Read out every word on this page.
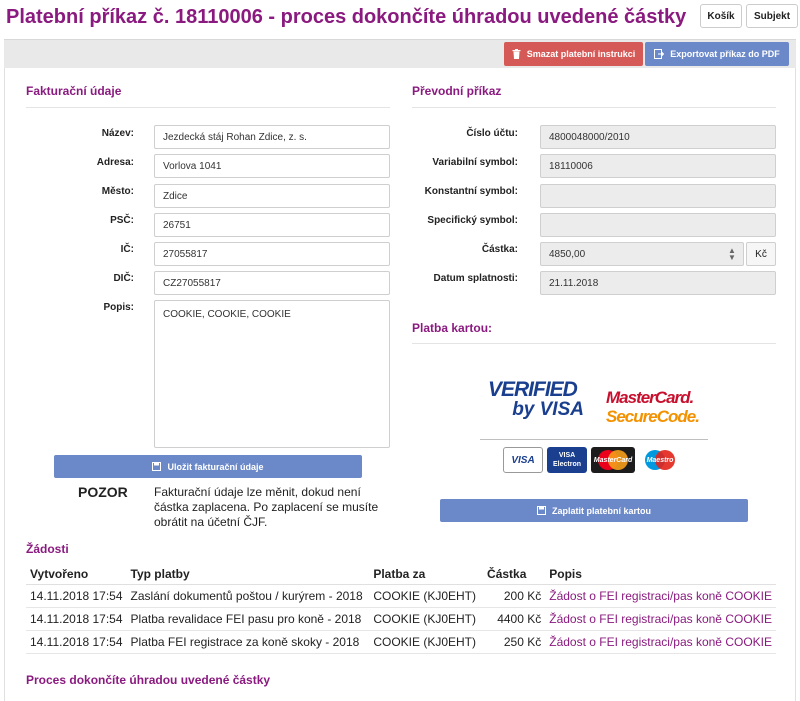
Platební příkaz č. 18110006 - proces dokončíte úhradou uvedené částky	Košík	Subjekt
Smazat platební instrukci	Exportovat příkaz do PDF
Fakturační údaje
Název:
Jezdecká stáj Rohan Zdice, z. s.
Adresa:
Vorlova 1041
Město:
Zdice
PSČ:
26751
IČ:
27055817
DIČ:
CZ27055817
Popis:
COOKIE, COOKIE, COOKIE
Uložit fakturační údaje
POZOR Fakturační údaje lze měnit, dokud není částka zaplacena. Po zaplacení se musíte obrátit na účetní ČJF.
Převodní příkaz
Číslo účtu:
4800048000/2010
Variabilní symbol:
18110006
Konstantní symbol:
Specifický symbol:
Částka:
4850,00	▲
▼	Kč
Datum splatnosti:
21.11.2018
Platba kartou:
VERIFIED
by VISA
MasterCard.
SecureCode.
VISA	VISA Electron
MasterCard Maestro
Zaplatit platební kartou
Žádosti
Vytvořeno	Typ platby	Platba za	Částka	Popis
14.11.2018 17:54	Zaslání dokumentů poštou / kurýrem - 2018	COOKIE (KJ0EHT)	200 Kč	Žádost o FEI registraci/pas koně COOKIE
14.11.2018 17:54	Platba revalidace FEI pasu pro koně - 2018	COOKIE (KJ0EHT)	4400 Kč	Žádost o FEI registraci/pas koně COOKIE
14.11.2018 17:54	Platba FEI registrace za koně skoky - 2018	COOKIE (KJ0EHT)	250 Kč	Žádost o FEI registraci/pas koně COOKIE
Proces dokončíte úhradou uvedené částky
